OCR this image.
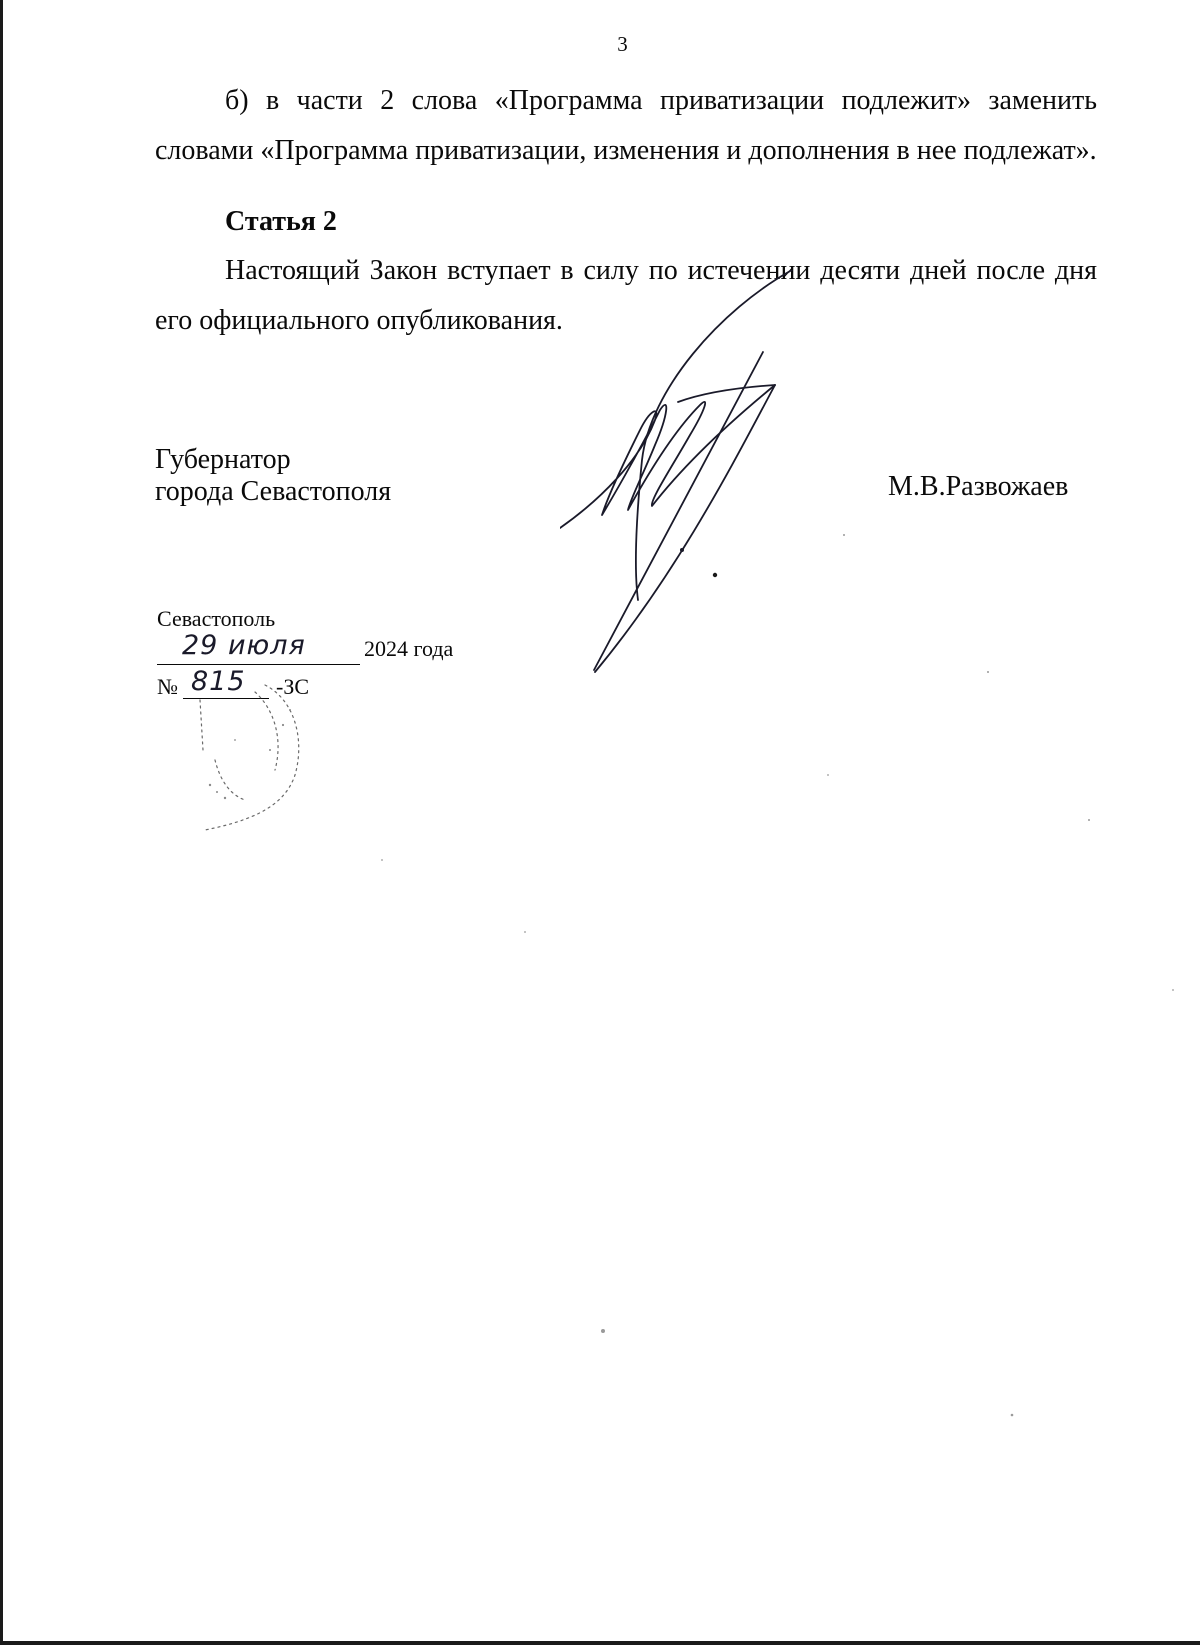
3

б) в части 2 слова «Программа приватизации подлежит» заменить словами «Программа приватизации, изменения и дополнения в нее подлежат».

Статья 2

Настоящий Закон вступает в силу по истечении десяти дней после дня его официального опубликования.

Губернатор
города Севастополя	М.В.Развожаев
Севастополь
29 июля	2024 года
№ 815 -ЗС
